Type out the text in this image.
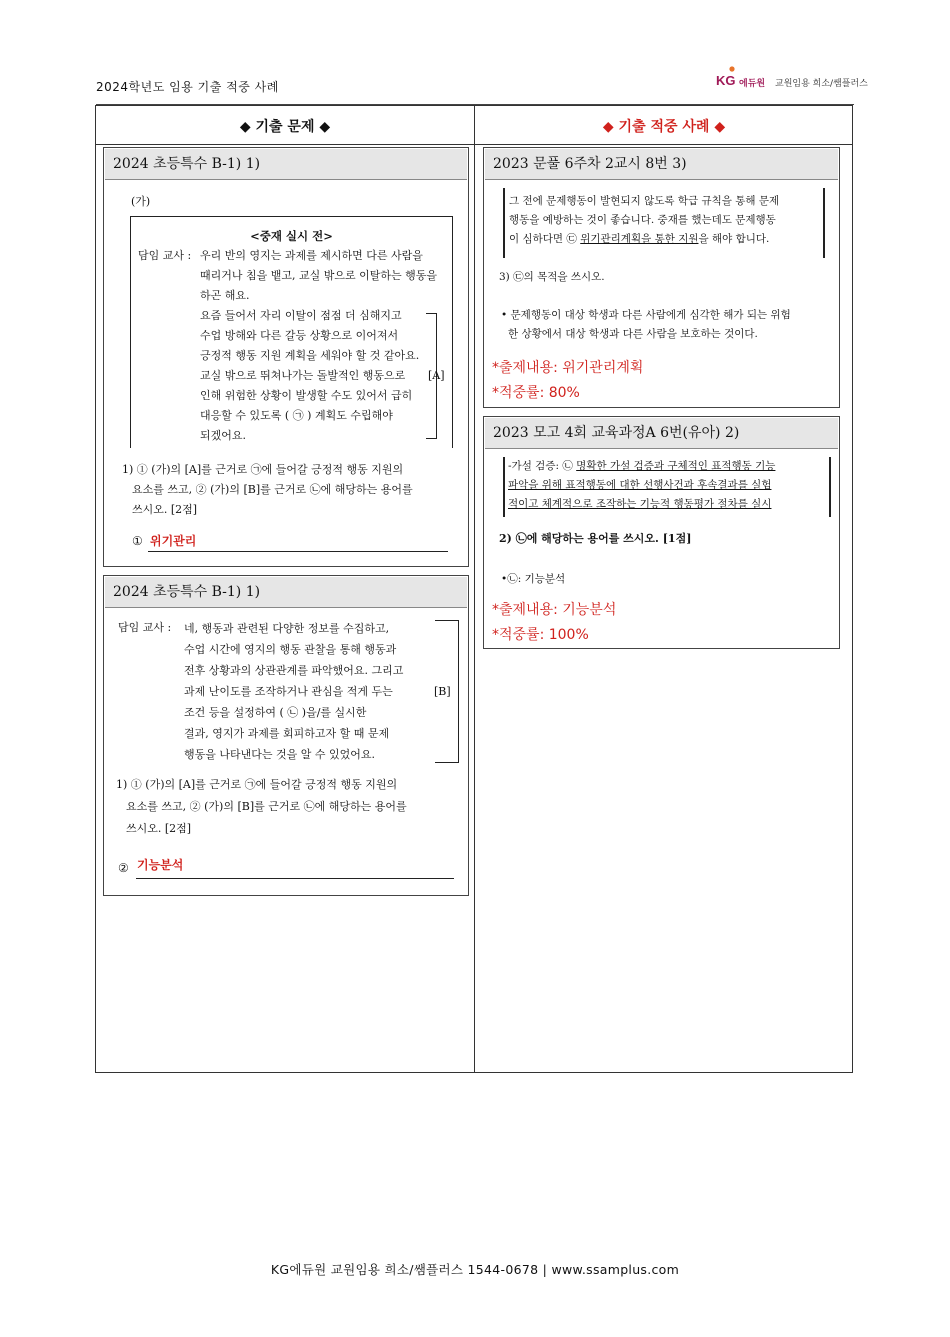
2024학년도 임용 기출 적중 사례	KG 에듀원 교원임용 희소/쌤플러스
◆ 기출 문제 ◆	◆ 기출 적중 사례 ◆
2024 초등특수 B-1) 1)
(가)
<중재 실시 전>
담임 교사 : 우리 반의 영지는 과제를 제시하면 다른 사람을
때리거나 침을 뱉고, 교실 밖으로 이탈하는 행동을
하곤 해요.
요즘 들어서 자리 이탈이 점점 더 심해지고
수업 방해와 다른 갈등 상황으로 이어져서
긍정적 행동 지원 계획을 세워야 할 것 같아요.
교실 밖으로 뛰쳐나가는 돌발적인 행동으로
인해 위험한 상황이 발생할 수도 있어서 급히
대응할 수 있도록 ( ㉠ ) 계획도 수립해야
되겠어요.
[A]
1) ① (가)의 [A]를 근거로 ㉠에 들어갈 긍정적 행동 지원의
요소를 쓰고, ② (가)의 [B]를 근거로 ㉡에 해당하는 용어를
쓰시오. [2점]
① 위기관리
2024 초등특수 B-1) 1)
담임 교사 : 네, 행동과 관련된 다양한 정보를 수집하고,
수업 시간에 영지의 행동 관찰을 통해 행동과
전후 상황과의 상관관계를 파악했어요. 그리고
과제 난이도를 조작하거나 관심을 적게 두는
조건 등을 설정하여 ( ㉡ )을/를 실시한
결과, 영지가 과제를 회피하고자 할 때 문제
행동을 나타낸다는 것을 알 수 있었어요.
[B]
1) ① (가)의 [A]를 근거로 ㉠에 들어갈 긍정적 행동 지원의
요소를 쓰고, ② (가)의 [B]를 근거로 ㉡에 해당하는 용어를
쓰시오. [2점]
② 기능분석
2023 문풀 6주차 2교시 8번 3)
그 전에 문제행동이 발현되지 않도록 학급 규칙을 통해 문제
행동을 예방하는 것이 좋습니다. 중재를 했는데도 문제행동
이 심하다면 ㉢ 위기관리계획을 통한 지원을 해야 합니다.
3) ㉢의 목적을 쓰시오.
• 문제행동이 대상 학생과 다른 사람에게 심각한 해가 되는 위험
한 상황에서 대상 학생과 다른 사람을 보호하는 것이다.
*출제내용: 위기관리계획
*적중률: 80%
2023 모고 4회 교육과정A 6번(유아) 2)
-가설 검증: ㉡ 명확한 가설 검증과 구체적인 표적행동 기능
파악을 위해 표적행동에 대한 선행사건과 후속결과를 실험
적이고 체계적으로 조작하는 기능적 행동평가 절차를 실시
2) ㉡에 해당하는 용어를 쓰시오. [1점]
•㉡: 기능분석
*출제내용: 기능분석
*적중률: 100%
KG에듀원 교원임용 희소/쌤플러스 1544-0678 | www.ssamplus.com
